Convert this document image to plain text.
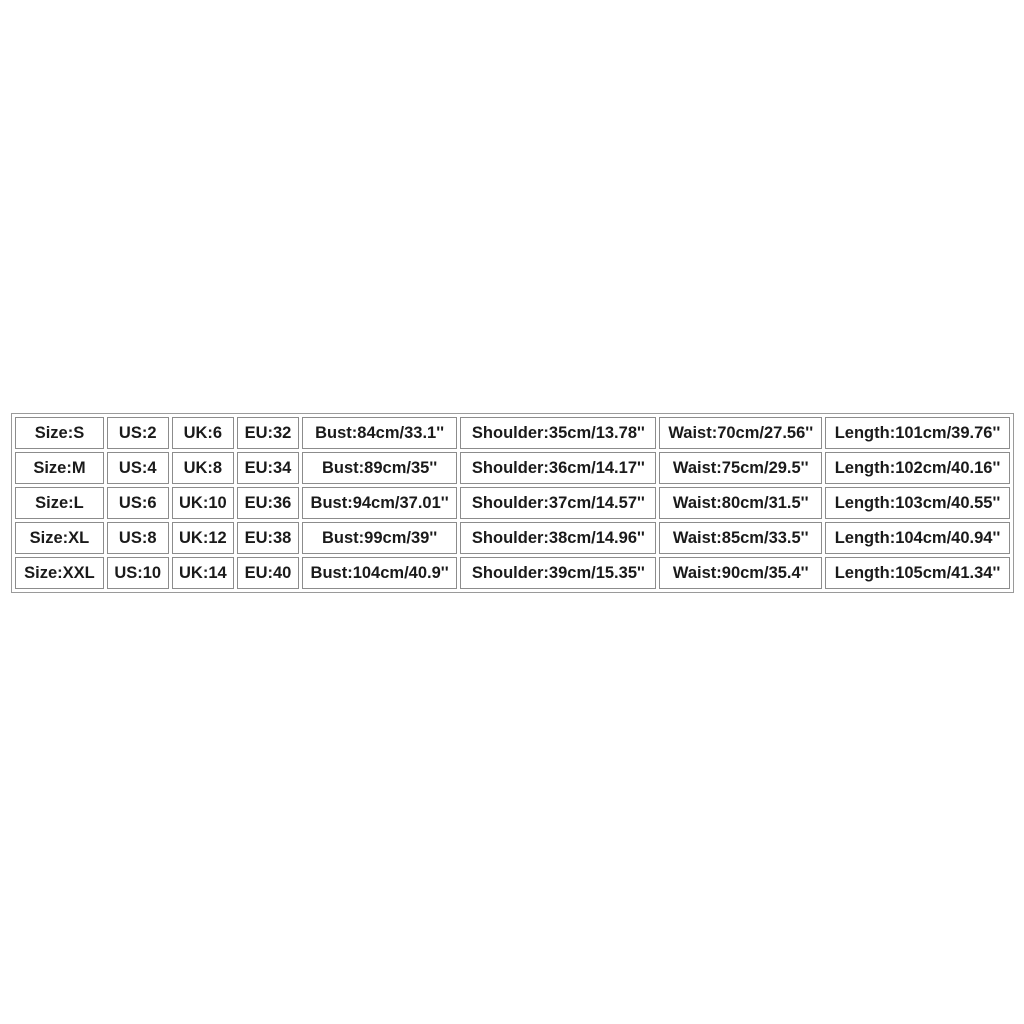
Size:S	US:2	UK:6	EU:32	Bust:84cm/33.1''	Shoulder:35cm/13.78''	Waist:70cm/27.56''	Length:101cm/39.76''
Size:M	US:4	UK:8	EU:34	Bust:89cm/35''	Shoulder:36cm/14.17''	Waist:75cm/29.5''	Length:102cm/40.16''
Size:L	US:6	UK:10	EU:36	Bust:94cm/37.01''	Shoulder:37cm/14.57''	Waist:80cm/31.5''	Length:103cm/40.55''
Size:XL	US:8	UK:12	EU:38	Bust:99cm/39''	Shoulder:38cm/14.96''	Waist:85cm/33.5''	Length:104cm/40.94''
Size:XXL	US:10	UK:14	EU:40	Bust:104cm/40.9''	Shoulder:39cm/15.35''	Waist:90cm/35.4''	Length:105cm/41.34''
